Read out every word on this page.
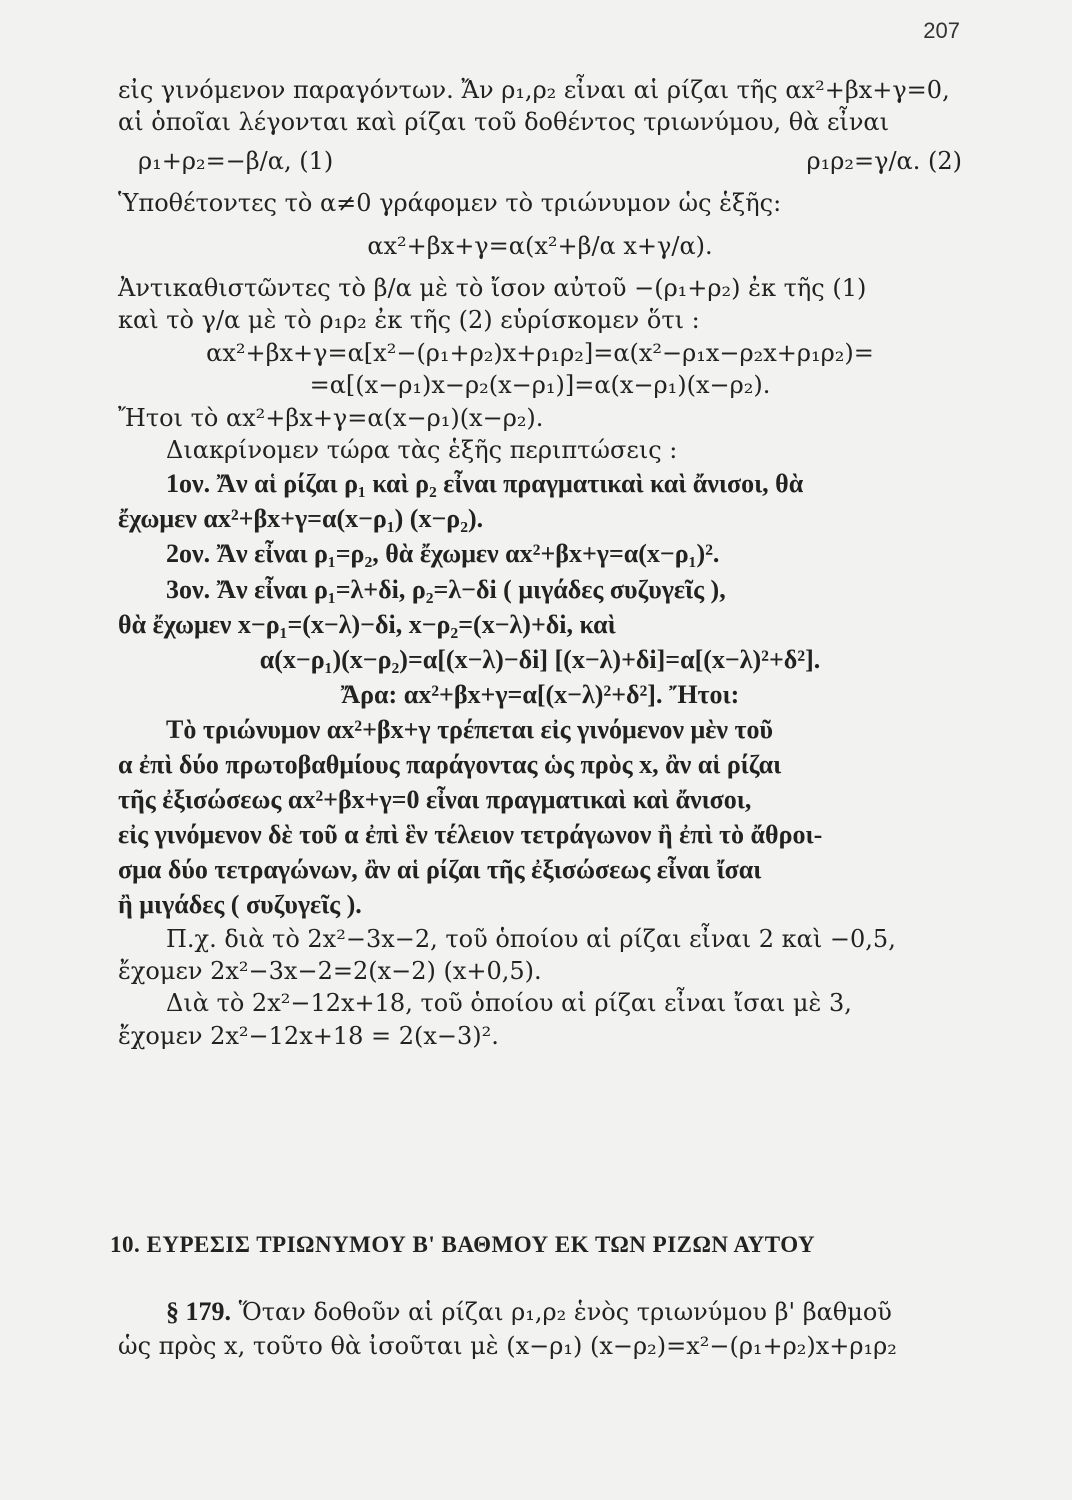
207

εἰς γινόμενον παραγόντων. Ἄν ρ₁,ρ₂ εἶναι αἱ ρίζαι τῆς αx²+βx+γ=0,

αἱ ὁποῖαι λέγονται καὶ ρίζαι τοῦ δοθέντος τριωνύμου, θὰ εἶναι

ρ₁+ρ₂=−β/α, (1)	ρ₁ρ₂=γ/α. (2)

Ὑποθέτοντες τὸ α≠0 γράφομεν τὸ τριώνυμον ὡς ἑξῆς:

αx²+βx+γ=α(x²+β/α x+γ/α).

Ἀντικαθιστῶντες τὸ β/α μὲ τὸ ἴσον αὐτοῦ −(ρ₁+ρ₂) ἐκ τῆς (1)

καὶ τὸ γ/α μὲ τὸ ρ₁ρ₂ ἐκ τῆς (2) εὑρίσκομεν ὅτι :

αx²+βx+γ=α[x²−(ρ₁+ρ₂)x+ρ₁ρ₂]=α(x²−ρ₁x−ρ₂x+ρ₁ρ₂)=

=α[(x−ρ₁)x−ρ₂(x−ρ₁)]=α(x−ρ₁)(x−ρ₂).

Ἤτοι τὸ αx²+βx+γ=α(x−ρ₁)(x−ρ₂).

Διακρίνομεν τώρα τὰς ἑξῆς περιπτώσεις :

1ον. Ἄν αἱ ρίζαι ρ₁ καὶ ρ₂ εἶναι πραγματικαὶ καὶ ἄνισοι, θὰ

ἔχωμεν αx²+βx+γ=α(x−ρ₁) (x−ρ₂).

2ον. Ἄν εἶναι ρ₁=ρ₂, θὰ ἔχωμεν αx²+βx+γ=α(x−ρ₁)².

3ον. Ἄν εἶναι ρ₁=λ+δi, ρ₂=λ−δi ( μιγάδες συζυγεῖς ),

θὰ ἔχωμεν x−ρ₁=(x−λ)−δi, x−ρ₂=(x−λ)+δi, καὶ

α(x−ρ₁)(x−ρ₂)=α[(x−λ)−δi] [(x−λ)+δi]=α[(x−λ)²+δ²].

Ἄρα: αx²+βx+γ=α[(x−λ)²+δ²]. Ἤτοι:

Τὸ τριώνυμον αx²+βx+γ τρέπεται εἰς γινόμενον μὲν τοῦ

α ἐπὶ δύο πρωτοβαθμίους παράγοντας ὡς πρὸς x, ἂν αἱ ρίζαι

τῆς ἐξισώσεως αx²+βx+γ=0 εἶναι πραγματικαὶ καὶ ἄνισοι,

εἰς γινόμενον δὲ τοῦ α ἐπὶ ἓν τέλειον τετράγωνον ἢ ἐπὶ τὸ ἄθροι-

σμα δύο τετραγώνων, ἂν αἱ ρίζαι τῆς ἐξισώσεως εἶναι ἴσαι

ἢ μιγάδες ( συζυγεῖς ).

Π.χ. διὰ τὸ 2x²−3x−2, τοῦ ὁποίου αἱ ρίζαι εἶναι 2 καὶ −0,5,

ἔχομεν 2x²−3x−2=2(x−2) (x+0,5).

Διὰ τὸ 2x²−12x+18, τοῦ ὁποίου αἱ ρίζαι εἶναι ἴσαι μὲ 3,

ἔχομεν 2x²−12x+18 = 2(x−3)².

10. ΕΥΡΕΣΙΣ ΤΡΙΩΝΥΜΟΥ Β' ΒΑΘΜΟΥ ΕΚ ΤΩΝ ΡΙΖΩΝ ΑΥΤΟΥ

§ 179. Ὅταν δοθοῦν αἱ ρίζαι ρ₁,ρ₂ ἑνὸς τριωνύμου β' βαθμοῦ

ὡς πρὸς x, τοῦτο θὰ ἰσοῦται μὲ (x−ρ₁) (x−ρ₂)=x²−(ρ₁+ρ₂)x+ρ₁ρ₂
